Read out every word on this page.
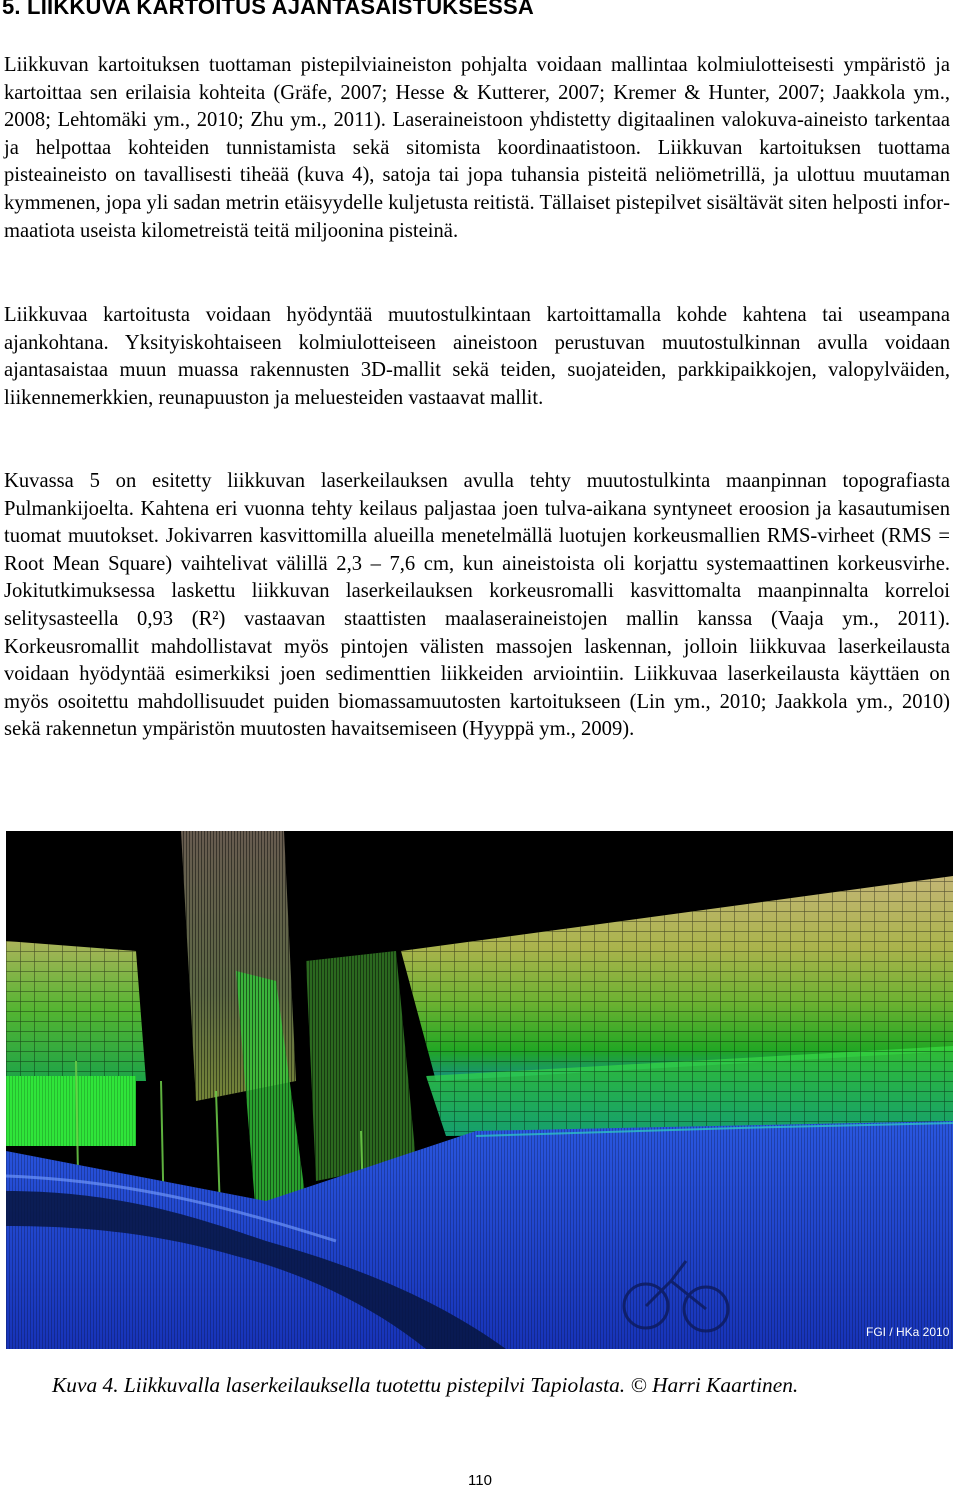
5. LIIKKUVA KARTOITUS AJANTASAISTUKSESSA

Liikkuvan kartoituksen tuottaman pistepilviaineiston pohjalta voidaan mallintaa kolmiulotteisesti ympäristö ja kartoittaa sen erilaisia kohteita (Gräfe, 2007; Hesse & Kutterer, 2007; Kremer & Hunter, 2007; Jaakkola ym., 2008; Lehtomäki ym., 2010; Zhu ym., 2011). Laseraineistoon yhdistetty digitaalinen valokuva-aineisto tarkentaa ja helpottaa kohteiden tunnistamista sekä sitomista koordinaatistoon. Liikkuvan kartoituksen tuottama pisteaineisto on tavallisesti tiheää (kuva 4), satoja tai jopa tuhansia pisteitä neliömetrillä, ja ulottuu muutaman kymmenen, jopa yli sadan metrin etäisyydelle kuljetusta reitistä. Tällaiset pistepilvet sisältävät siten helposti informaatiota useista kilometreistä teitä miljoonina pisteinä.

Liikkuvaa kartoitusta voidaan hyödyntää muutostulkintaan kartoittamalla kohde kahtena tai useampana ajankohtana. Yksityiskohtaiseen kolmiulotteiseen aineistoon perustuvan muutostulkinnan avulla voidaan ajantasaistaa muun muassa rakennusten 3D-mallit sekä teiden, suojateiden, parkkipaikkojen, valopylväiden, liikennemerkkien, reunapuuston ja meluesteiden vastaavat mallit.

Kuvassa 5 on esitetty liikkuvan laserkeilauksen avulla tehty muutostulkinta maanpinnan topografiasta Pulmankijoelta. Kahtena eri vuonna tehty keilaus paljastaa joen tulva-aikana syntyneet eroosion ja kasautumisen tuomat muutokset. Jokivarren kasvittomilla alueilla menetelmällä luotujen korkeusmallien RMS-virheet (RMS = Root Mean Square) vaihtelivat välillä 2,3 – 7,6 cm, kun aineistoista oli korjattu systemaattinen korkeusvirhe. Jokitutkimuksessa laskettu liikkuvan laserkeilauksen korkeusromalli kasvittomalta maanpinnalta korreloi selitysasteella 0,93 (R²) vastaavan staattisten maalaseraineistojen mallin kanssa (Vaaja ym., 2011). Korkeusromallit mahdollistavat myös pintojen välisten massojen laskennan, jolloin liikkuvaa laserkeilausta voidaan hyödyntää esimerkiksi joen sedimenttien liikkeiden arviointiin. Liikkuvaa laserkeilausta käyttäen on myös osoitettu mahdollisuudet puiden biomassamuutosten kartoitukseen (Lin ym., 2010; Jaakkola ym., 2010) sekä rakennetun ympäristön muutosten havaitsemiseen (Hyyppä ym., 2009).

FGI / HKa 2010

Kuva 4. Liikkuvalla laserkeilauksella tuotettu pistepilvi Tapiolasta. © Harri Kaartinen.

110
